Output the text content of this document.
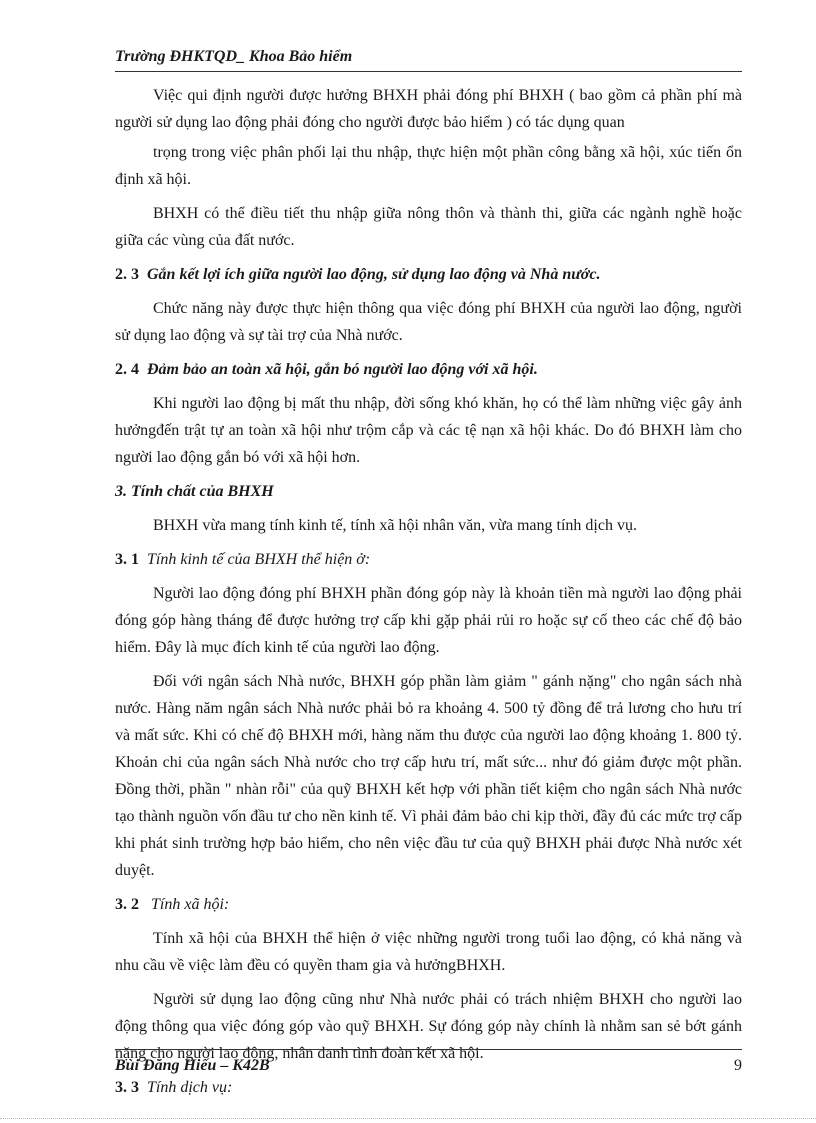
Trường ĐHKTQD_ Khoa Bảo hiểm

Việc qui định người được hưởng BHXH phải đóng phí BHXH ( bao gồm cả phần phí mà người sử dụng lao động phải đóng cho người được bảo hiểm ) có tác dụng quan

trọng trong việc phân phối lại thu nhập, thực hiện một phần công bằng xã hội, xúc tiến ổn định xã hội.

BHXH có thể điều tiết thu nhập giữa nông thôn và thành thi, giữa các ngành nghề hoặc giữa các vùng của đất nước.

2. 3 Gắn kết lợi ích giữa người lao động, sử dụng lao động và Nhà nước.

Chức năng này được thực hiện thông qua việc đóng phí BHXH của người lao động, người sử dụng lao động và sự tài trợ của Nhà nước.

2. 4 Đảm bảo an toàn xã hội, gắn bó người lao động với xã hội.

Khi người lao động bị mất thu nhập, đời sống khó khăn, họ có thể làm những việc gây ảnh hưởngđến trật tự an toàn xã hội như trộm cắp và các tệ nạn xã hội khác. Do đó BHXH làm cho người lao động gắn bó với xã hội hơn.

3. Tính chất của BHXH

BHXH vừa mang tính kinh tế, tính xã hội nhân văn, vừa mang tính dịch vụ.

3. 1 Tính kinh tế của BHXH thể hiện ở:

Người lao động đóng phí BHXH phần đóng góp này là khoản tiền mà người lao động phải đóng góp hàng tháng để được hưởng trợ cấp khi gặp phải rủi ro hoặc sự cố theo các chế độ bảo hiểm. Đây là mục đích kinh tế của người lao động.

Đối với ngân sách Nhà nước, BHXH góp phần làm giảm " gánh nặng" cho ngân sách nhà nước. Hàng năm ngân sách Nhà nước phải bỏ ra khoảng 4. 500 tỷ đồng để trả lương cho hưu trí và mất sức. Khi có chế độ BHXH mới, hàng năm thu được của người lao động khoảng 1. 800 tỷ. Khoản chi của ngân sách Nhà nước cho trợ cấp hưu trí, mất sức... như đó giảm được một phần. Đồng thời, phần " nhàn rỗi" của quỹ BHXH kết hợp với phần tiết kiệm cho ngân sách Nhà nước tạo thành nguồn vốn đầu tư cho nền kinh tế. Vì phải đảm bảo chi kịp thời, đầy đủ các mức trợ cấp khi phát sinh trường hợp bảo hiểm, cho nên việc đầu tư của quỹ BHXH phải được Nhà nước xét duyệt.

3. 2 Tính xã hội:

Tính xã hội của BHXH thể hiện ở việc những người trong tuổi lao động, có khả năng và nhu cầu về việc làm đều có quyền tham gia và hưởngBHXH.

Người sử dụng lao động cũng như Nhà nước phải có trách nhiệm BHXH cho người lao động thông qua việc đóng góp vào quỹ BHXH. Sự đóng góp này chính là nhằm san sẻ bớt gánh nặng cho người lao động, nhân danh tình đoàn kết xã hội.

3. 3 Tính dịch vụ:
Bùi Đăng Hiếu – K42B	9
